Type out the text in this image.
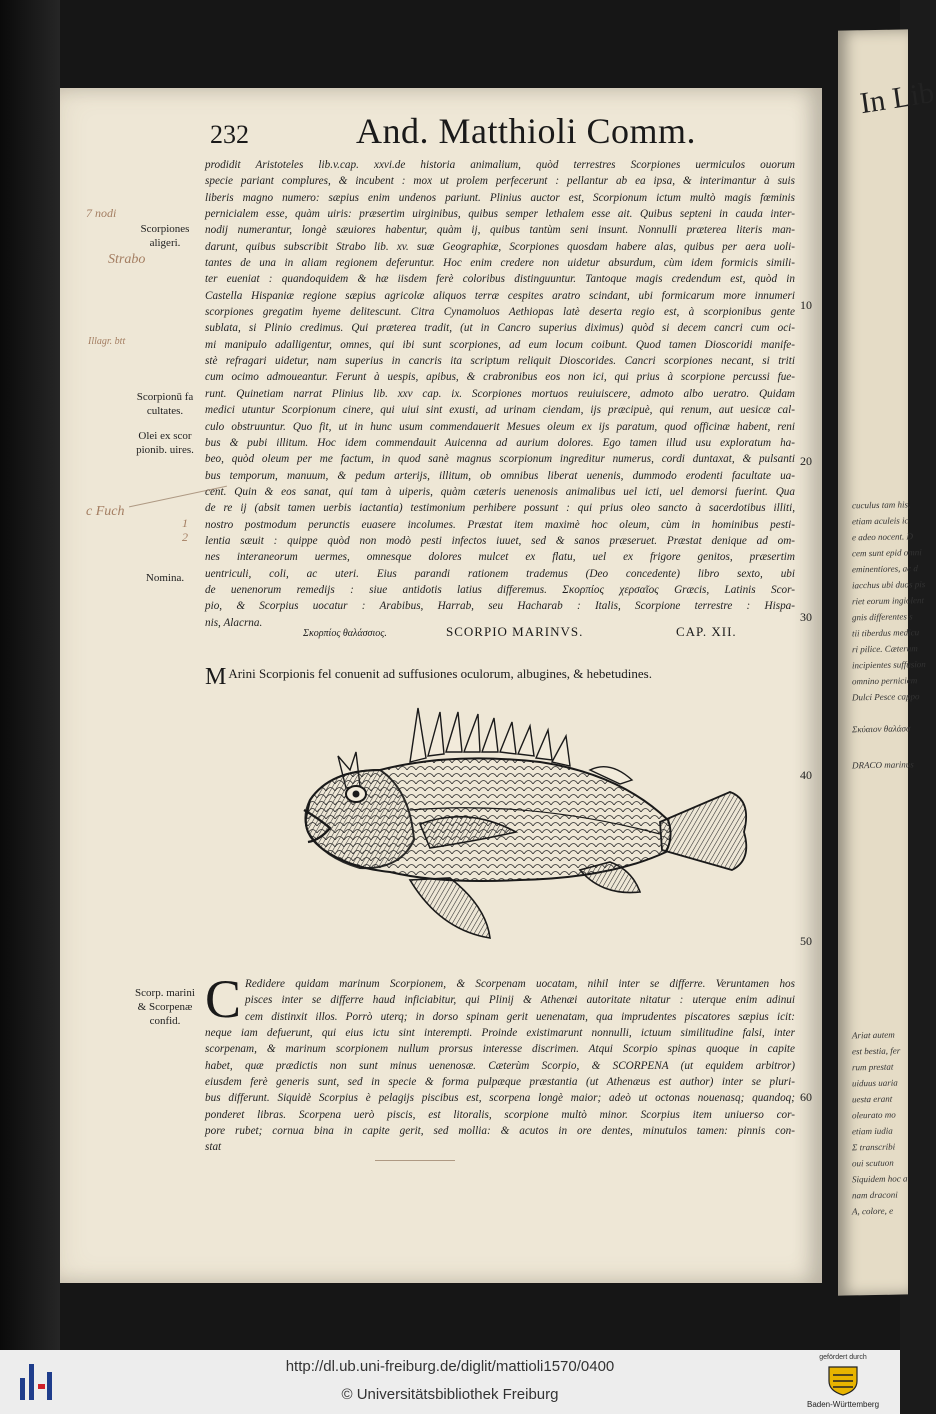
In Lib
cuculus tam his,
etiam aculeis ic
e adeo nocent. D
cem sunt epid omni
eminentiores, ac d
iacchus ubi duos pis
riet eorum ingiolent
gnis differentes s
tii tiberdus medicu
ri pilice. Cæterum
incipientes suffusion
omnino perniciem
Dulci Pesce cappo
Σκύαιον θαλάσσ
DRACO marinus
Ariat autem
est bestia, fer
rum prestat
uiduus uaria
uesta erant
oleurato mo
etiam iudia
Σ transcribi
oui scutuon
Siquidem hoc a
nam draconi
A, colore, e
232	And. Matthioli Comm.
prodidit Aristoteles lib.v.cap. xxvi.de historia animalium, quòd terrestres Scorpiones uermiculos ouorum
specie pariant complures, & incubent : mox ut prolem perfecerunt : pellantur ab ea ipsa, & interimantur à suis
liberis magno numero: sæpius enim undenos pariunt. Plinius auctor est, Scorpionum ictum multò magis fœminis
pernicialem esse, quàm uiris: præsertim uirginibus, quibus semper lethalem esse ait. Quibus septeni in cauda inter-
nodij numerantur, longè sæuiores habentur, quàm ij, quibus tantùm seni insunt. Nonnulli præterea literis man-
darunt, quibus subscribit Strabo lib. xv. suæ Geographiæ, Scorpiones quosdam habere alas, quibus per aera uoli-
tantes de una in aliam regionem deferuntur. Hoc enim credere non uidetur absurdum, cùm idem formicis simili-
ter eueniat : quandoquidem & hæ iisdem ferè coloribus distinguuntur. Tantoque magis credendum est, quòd in
Castella Hispaniæ regione sæpius agricolæ aliquos terræ cespites aratro scindant, ubi formicarum more innumeri
scorpiones gregatim hyeme delitescunt. Citra Cynamoluos Aethiopas latè deserta regio est, à scorpionibus gente
sublata, si Plinio credimus. Qui præterea tradit, (ut in Cancro superius diximus) quòd si decem cancri cum oci-
mi manipulo adalligentur, omnes, qui ibi sunt scorpiones, ad eum locum coibunt. Quod tamen Dioscoridi manife-
stè refragari uidetur, nam superius in cancris ita scriptum reliquit Dioscorides. Cancri scorpiones necant, si triti
cum ocimo admoueantur. Ferunt à uespis, apibus, & crabronibus eos non ici, qui prius à scorpione percussi fue-
runt. Quinetiam narrat Plinius lib. xxv cap. ix. Scorpiones mortuos reuiuiscere, admoto albo ueratro. Quidam
medici utuntur Scorpionum cinere, qui uiui sint exusti, ad urinam ciendam, ijs præcipuè, qui renum, aut uesicæ cal-
culo obstruuntur. Quo fit, ut in hunc usum commendauerit Mesues oleum ex ijs paratum, quod officinæ habent, reni
bus & pubi illitum. Hoc idem commendauit Auicenna ad aurium dolores. Ego tamen illud usu exploratum ha-
beo, quòd oleum per me factum, in quod sanè magnus scorpionum ingreditur numerus, cordi duntaxat, & pulsanti
bus temporum, manuum, & pedum arterijs, illitum, ob omnibus liberat uenenis, dummodo erodenti facultate ua-
cent. Quin & eos sanat, qui tam à uiperis, quàm cæteris uenenosis animalibus uel icti, uel demorsi fuerint. Qua
de re ij (absit tamen uerbis iactantia) testimonium perhibere possunt : qui prius oleo sancto à sacerdotibus illiti,
nostro postmodum perunctis euasere incolumes. Præstat item maximè hoc oleum, cùm in hominibus pesti-
lentia sæuit : quippe quòd non modò pesti infectos iuuet, sed & sanos præseruet. Præstat denique ad om-
nes interaneorum uermes, omnesque dolores mulcet ex flatu, uel ex frigore genitos, præsertim
uentriculi, coli, ac uteri. Eius parandi rationem trademus (Deo concedente) libro sexto, ubi
de uenenorum remedijs : siue antidotis latius differemus. Σκορπίος χερσαῖος Græcis, Latinis Scor-
pio, & Scorpius uocatur : Arabibus, Harrab, seu Hacharab : Italis, Scorpione terrestre : Hispa-
nis, Alacrna.
Scorpiones
aligeri.
Scorpionū fa
cultates.
Olei ex scor
pionib. uires.
Nomina.
Scorp. marini
& Scorpenæ
confid.
10
20
30
40
50
60
Σκορπίος θαλάσσιος.	SCORPIO MARINVS.	CAP. XII.
M Arini Scorpionis fel conuenit ad suffusiones oculorum, albugines, & hebetudines.
C Redidere quidam marinum Scorpionem, & Scorpenam uocatam, nihil inter se differre. Veruntamen hos
pisces inter se differre haud inficiabitur, qui Plinij & Athenæi autoritate nitatur : uterque enim adinui
cem distinxit illos. Porrò uterq; in dorso spinam gerit uenenatam, qua imprudentes piscatores sæpius icit:
neque iam defuerunt, qui eius ictu sint interempti. Proinde existimarunt nonnulli, ictuum similitudine falsi, inter
scorpenam, & marinum scorpionem nullum prorsus interesse discrimen. Atqui Scorpio spinas quoque in capite
habet, quæ prædictis non sunt minus uenenosæ. Cæterùm Scorpio, & SCORPENA (ut equidem arbitror)
eiusdem ferè generis sunt, sed in specie & forma pulpæque præstantia (ut Athenæus est author) inter se pluri-
bus differunt. Siquidè Scorpius è pelagijs piscibus est, scorpena longè maior; adeò ut octonas nouenasq; quandoq;
ponderet libras. Scorpena uerò piscis, est litoralis, scorpione multò minor. Scorpius item uniuerso cor-
pore rubet; cornua bina in capite gerit, sed mollia: & acutos in ore dentes, minutulos tamen: pinnis con-
stat
7 nodi
Strabo
Illagr. btt
c Fuch
1
2
http://dl.ub.uni-freiburg.de/diglit/mattioli1570/0400
© Universitätsbibliothek Freiburg
gefördert durch
Baden-Württemberg
